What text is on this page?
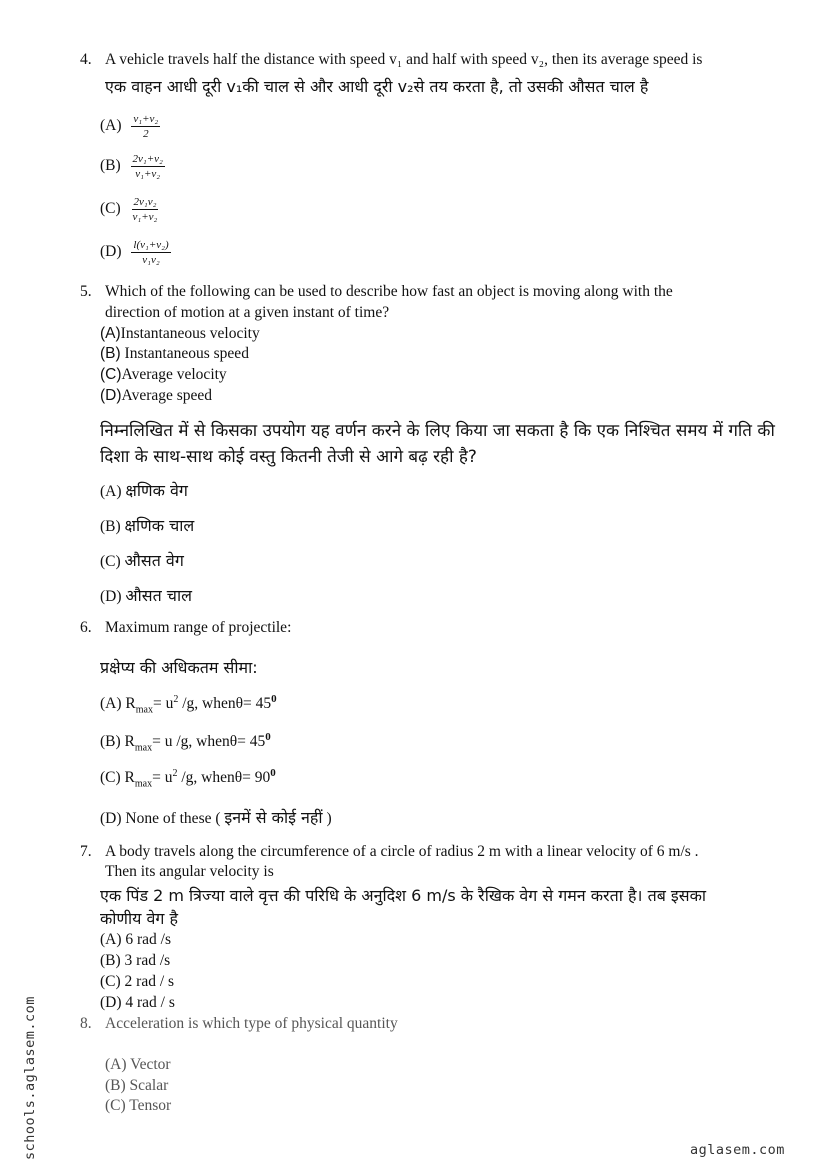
4. A vehicle travels half the distance with speed v₁ and half with speed v₂, then its average speed is
एक वाहन आधी दूरी v₁की चाल से और आधी दूरी v₂से तय करता है, तो उसकी औसत चाल है
$(A) \frac{\text{v₁+v₂}}{2}$
$(B) \frac{\text{2v₁+v₂}}{\text{v₁+v₂}}$
$(C) \frac{\text{2v₁v₂}}{\text{v₁+v₂}}$
$(D) \frac{\text{l(v₁+v₂)}}{\text{v₁v₂}}$
5. Which of the following can be used to describe how fast an object is moving along with the
direction of motion at a given instant of time?
(A)Instantaneous velocity
(B) Instantaneous speed
(C)Average velocity
(D)Average speed
निम्नलिखित में से किसका उपयोग यह वर्णन करने के लिए किया जा सकता है कि एक निश्चित समय में गति की
दिशा के साथ-साथ कोई वस्तु कितनी तेजी से आगे बढ़ रही है?
(A) क्षणिक वेग
(B) क्षणिक चाल
(C) औसत वेग
(D) औसत चाल
6. Maximum range of projectile:
प्रक्षेप्य की अधिकतम सीमा:
(A) $R_{max}= u^2$ /g, whenθ= $45^0$
(B) $R_{max}= u$ /g, whenθ= $45^0$
(C) $R_{max}= u^2$ /g, whenθ= $90^0$
(D) None of these ( इनमें से कोई नहीं )
7. A body travels along the circumference of a circle of radius 2 m with a linear velocity of 6 m/s .
Then its angular velocity is
एक पिंड 2 m त्रिज्या वाले वृत्त की परिधि के अनुदिश 6 m/s के रैखिक वेग से गमन करता है। तब इसका
कोणीय वेग है
(A) 6 rad /s
(B) 3 rad /s
(C) 2 rad / s
(D) 4 rad / s
8. Acceleration is which type of physical quantity
(A) Vector
(B) Scalar
(C) Tensor
schools.aglasem.com	aglasem.com
